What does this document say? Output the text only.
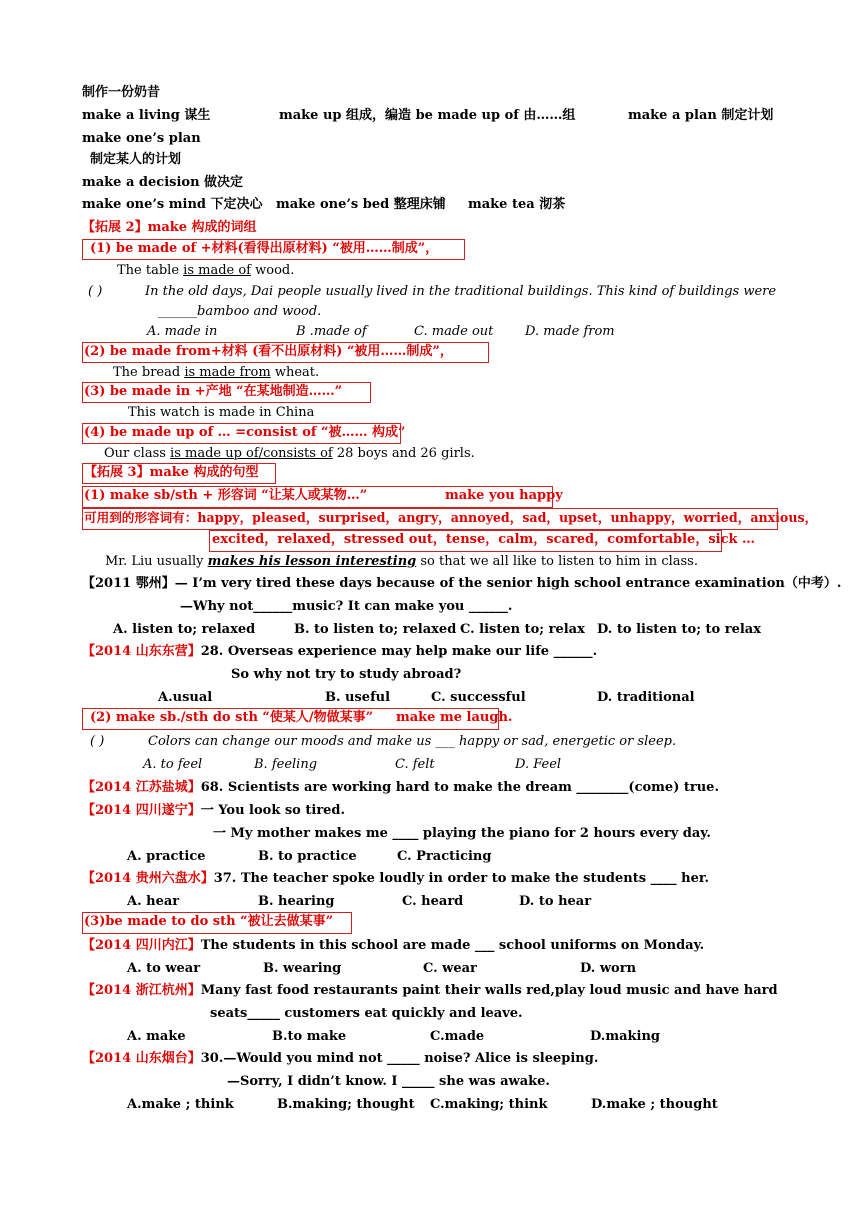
制作一份奶昔
make a living 谋生	make up 组成，编造 be made up of 由……组	make a plan 制定计划
make one’s plan
制定某人的计划
make a decision 做决定
make one’s mind 下定决心 make one’s bed 整理床铺 make tea 沏茶
【拓展 2】make 构成的词组
(1) be made of +材料(看得出原材料) “被用……制成”，
The table is made of wood.
( )	In the old days, Dai people usually lived in the traditional buildings. This kind of buildings were
______bamboo and wood.
A. made in	B .made of	C. made out D. made from
(2) be made from+材料 (看不出原材料) “被用……制成”，
The bread is made from wheat.
(3) be made in +产地 “在某地制造……”
This watch is made in China
(4) be made up of … =consist of “被…… 构成”
Our class is made up of/consists of 28 boys and 26 girls.
【拓展 3】make 构成的句型
(1) make sb/sth + 形容词 “让某人或某物…”	make you happy
可用到的形容词有：happy，pleased，surprised，angry，annoyed，sad，upset，unhappy，worried，anxious，
excited，relaxed，stressed out，tense，calm，scared，comfortable，sick …
Mr. Liu usually makes his lesson interesting so that we all like to listen to him in class.
【2011 鄂州】— I’m very tired these days because of the senior high school entrance examination（中考）.
—Why not______music? It can make you ______.
A. listen to; relaxed	B. to listen to; relaxed C. listen to; relax D. to listen to; to relax
【2014 山东东营】28. Overseas experience may help make our life ______.
So why not try to study abroad?
A.usual	B. useful	C. successful	D. traditional
(2) make sb./sth do sth “使某人/物做某事” make me laugh.
( )	Colors can change our moods and make us ___ happy or sad, energetic or sleep.
A. to feel	B. feeling	C. felt	D. Feel
【2014 江苏盐城】68. Scientists are working hard to make the dream ________(come) true.
【2014 四川遂宁】一 You look so tired.
一 My mother makes me ____ playing the piano for 2 hours every day.
A. practice	B. to practice	C. Practicing
【2014 贵州六盘水】37. The teacher spoke loudly in order to make the students ____ her.
A. hear	B. hearing	C. heard	D. to hear
(3)be made to do sth “被让去做某事”
【2014 四川内江】The students in this school are made ___ school uniforms on Monday.
A. to wear	B. wearing	C. wear	D. worn
【2014 浙江杭州】Many fast food restaurants paint their walls red,play loud music and have hard
seats_____ customers eat quickly and leave.
A. make	B.to make	C.made	D.making
【2014 山东烟台】30.—Would you mind not _____ noise? Alice is sleeping.
—Sorry, I didn’t know. I _____ she was awake.
A.make ; think	B.making; thought C.making; think	D.make ; thought
